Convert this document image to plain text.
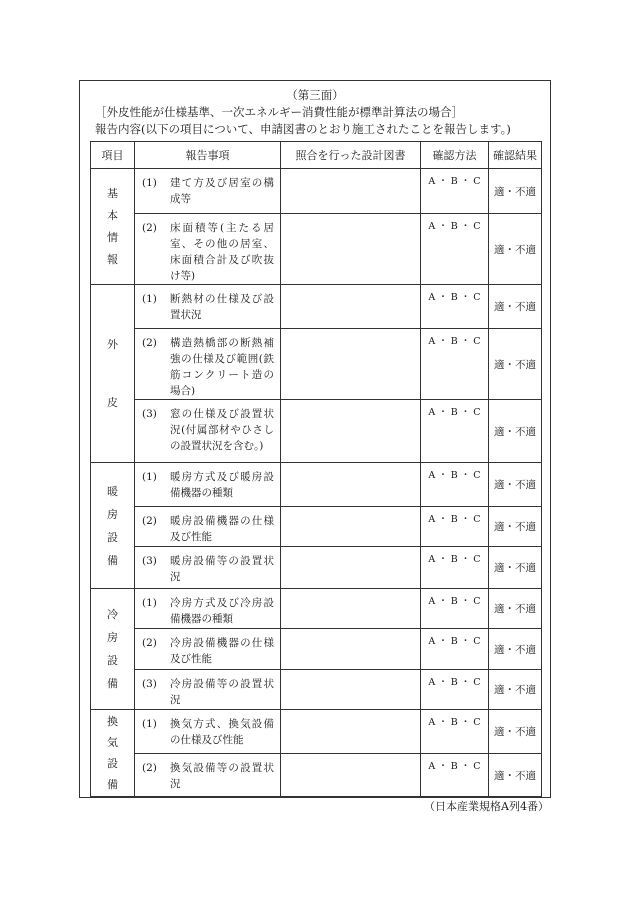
（第三面）
［外皮性能が仕様基準、一次エネルギー消費性能が標準計算法の場合］
報告内容(以下の項目について、申請図書のとおり施工されたことを報告します。)
項目	報告事項	照合を行った設計図書	確認方法	確認結果
基本情報	(1) 建て方及び居室の構成等		A ・ B ・ C	適・不適

	(2) 床面積等(主たる居室、その他の居室、床面積合計及び吹抜け等)		A ・ B ・ C	適・不適
外皮	(1) 断熱材の仕様及び設置状況		A ・ B ・ C	適・不適

	(2) 構造熱橋部の断熱補強の仕様及び範囲(鉄筋コンクリート造の場合)		A ・ B ・ C	適・不適

	(3) 窓の仕様及び設置状況(付属部材やひさしの設置状況を含む。)		A ・ B ・ C	適・不適
暖房設備	(1) 暖房方式及び暖房設備機器の種類		A ・ B ・ C	適・不適

	(2) 暖房設備機器の仕様及び性能		A ・ B ・ C	適・不適

	(3) 暖房設備等の設置状況		A ・ B ・ C	適・不適
冷房設備	(1) 冷房方式及び冷房設備機器の種類		A ・ B ・ C	適・不適

	(2) 冷房設備機器の仕様及び性能		A ・ B ・ C	適・不適

	(3) 冷房設備等の設置状況		A ・ B ・ C	適・不適
換気設備	(1) 換気方式、換気設備の仕様及び性能		A ・ B ・ C	適・不適

	(2) 換気設備等の設置状況		A ・ B ・ C	適・不適
（日本産業規格A列4番）
